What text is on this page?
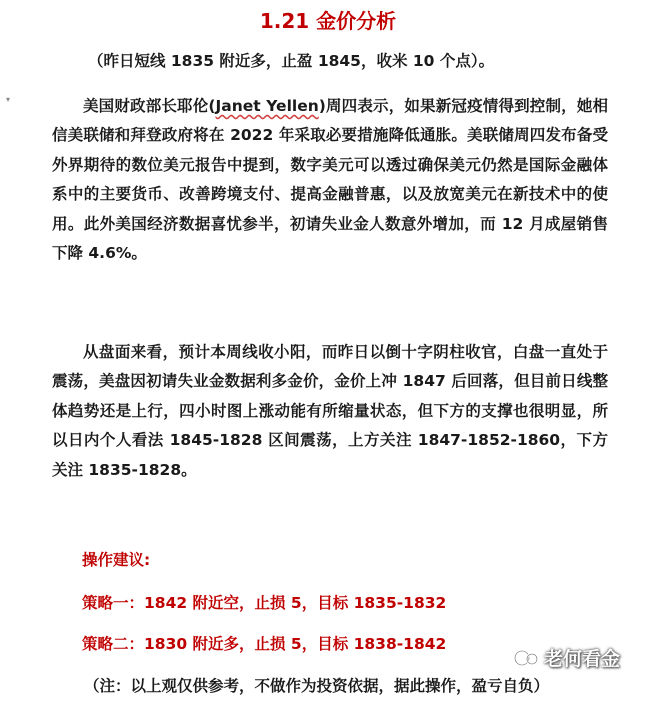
1.21 金价分析
▾
（昨日短线 1835 附近多，止盈 1845，收米 10 个点）。
美国财政部长耶伦(Janet Yellen)周四表示，如果新冠疫情得到控制，她相信美联储和拜登政府将在 2022 年采取必要措施降低通胀。美联储周四发布备受外界期待的数位美元报告中提到，数字美元可以透过确保美元仍然是国际金融体系中的主要货币、改善跨境支付、提高金融普惠，以及放宽美元在新技术中的使用。此外美国经济数据喜忧参半，初请失业金人数意外增加，而 12 月成屋销售下降 4.6%。
从盘面来看，预计本周线收小阳，而昨日以倒十字阴柱收官，白盘一直处于震荡，美盘因初请失业金数据利多金价，金价上冲 1847 后回落，但目前日线整体趋势还是上行，四小时图上涨动能有所缩量状态，但下方的支撑也很明显，所以日内个人看法 1845-1828 区间震荡，上方关注 1847-1852-1860，下方关注 1835-1828。
操作建议:
策略一：1842 附近空，止损 5，目标 1835-1832
策略二：1830 附近多，止损 5，目标 1838-1842
（注：以上观仅供参考，不做作为投资依据，据此操作，盈亏自负）
老何看金
